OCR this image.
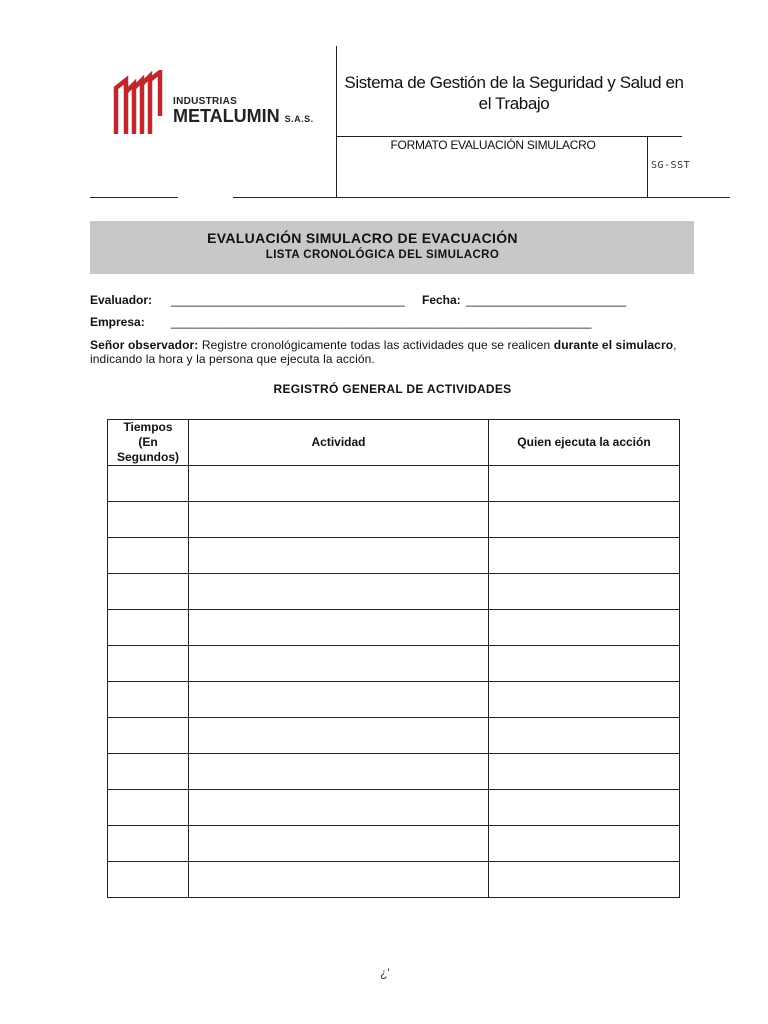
INDUSTRIAS
METALUMIN S.A.S.
Sistema de Gestión de la Seguridad y Salud en el Trabajo
FORMATO EVALUACIÓN SIMULACRO
SG-SST
EVALUACIÓN SIMULACRO DE EVACUACIÓN
LISTA CRONOLÓGICA DEL SIMULACRO
Evaluador: ___________________________________ Fecha: ________________________
Empresa: _______________________________________________________________
Señor observador: Registre cronológicamente todas las actividades que se realicen durante el simulacro, indicando la hora y la persona que ejecuta la acción.
REGISTRÓ GENERAL DE ACTIVIDADES
Tiempos (En Segundos)	Actividad	Quien ejecuta la acción

¿'
